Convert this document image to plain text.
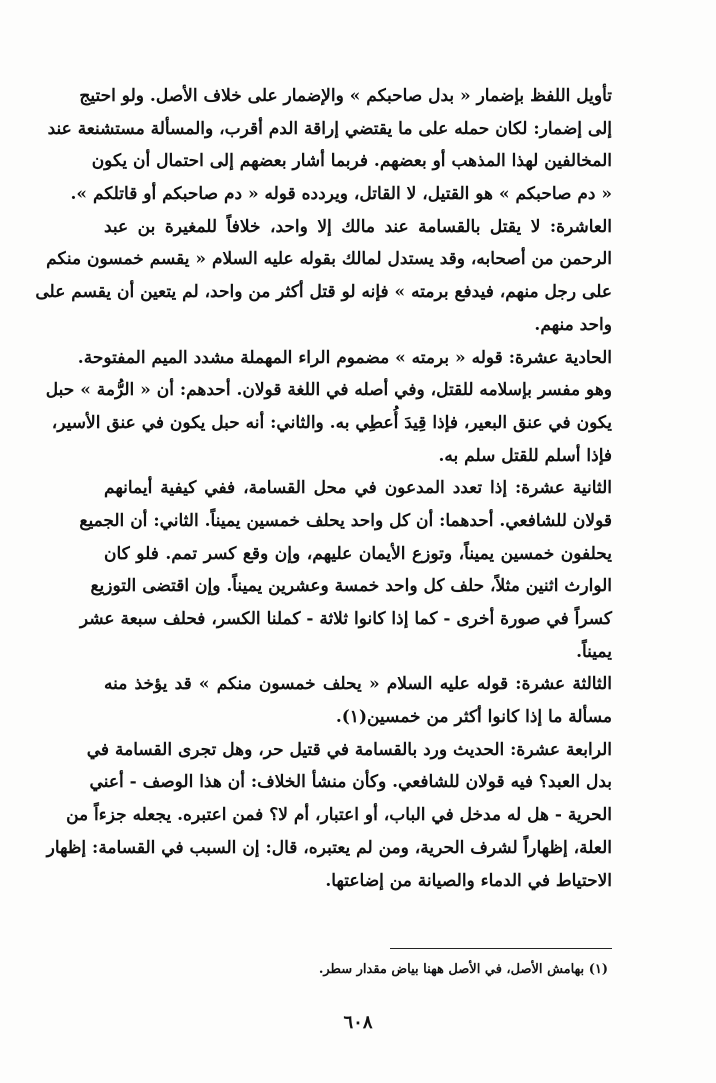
تأويل اللفظ بإضمار « بدل صاحبكم » والإضمار على خلاف الأصل. ولو احتيج
إلى إضمار: لكان حمله على ما يقتضي إراقة الدم أقرب، والمسألة مستشنعة عند
المخالفين لهذا المذهب أو بعضهم. فربما أشار بعضهم إلى احتمال أن يكون
« دم صاحبكم » هو القتيل، لا القاتل، ويردده قوله « دم صاحبكم أو قاتلكم ».
العاشرة: لا يقتل بالقسامة عند مالك إلا واحد، خلافاً للمغيرة بن عبد
الرحمن من أصحابه، وقد يستدل لمالك بقوله عليه السلام « يقسم خمسون منكم
على رجل منهم، فيدفع برمته » فإنه لو قتل أكثر من واحد، لم يتعين أن يقسم على
واحد منهم.
الحادية عشرة: قوله « برمته » مضموم الراء المهملة مشدد الميم المفتوحة.
وهو مفسر بإسلامه للقتل، وفي أصله في اللغة قولان. أحدهم: أن « الرُّمة » حبل
يكون في عنق البعير، فإذا قِيدَ أُعطِي به. والثاني: أنه حبل يكون في عنق الأسير،
فإذا أسلم للقتل سلم به.
الثانية عشرة: إذا تعدد المدعون في محل القسامة، ففي كيفية أيمانهم
قولان للشافعي. أحدهما: أن كل واحد يحلف خمسين يميناً. الثاني: أن الجميع
يحلفون خمسين يميناً، وتوزع الأيمان عليهم، وإن وقع كسر تمم. فلو كان
الوارث اثنين مثلاً، حلف كل واحد خمسة وعشرين يميناً. وإن اقتضى التوزيع
كسراً في صورة أخرى - كما إذا كانوا ثلاثة - كملنا الكسر، فحلف سبعة عشر
يميناً.
الثالثة عشرة: قوله عليه السلام « يحلف خمسون منكم » قد يؤخذ منه
مسألة ما إذا كانوا أكثر من خمسين(١).
الرابعة عشرة: الحديث ورد بالقسامة في قتيل حر، وهل تجرى القسامة في
بدل العبد؟ فيه قولان للشافعي. وكأن منشأ الخلاف: أن هذا الوصف - أعني
الحرية - هل له مدخل في الباب، أو اعتبار، أم لا؟ فمن اعتبره. يجعله جزءاً من
العلة، إظهاراً لشرف الحرية، ومن لم يعتبره، قال: إن السبب في القسامة: إظهار
الاحتياط في الدماء والصيانة من إضاعتها.
(١) بهامش الأصل، في الأصل ههنا بياض مقدار سطر.
٦٠٨
